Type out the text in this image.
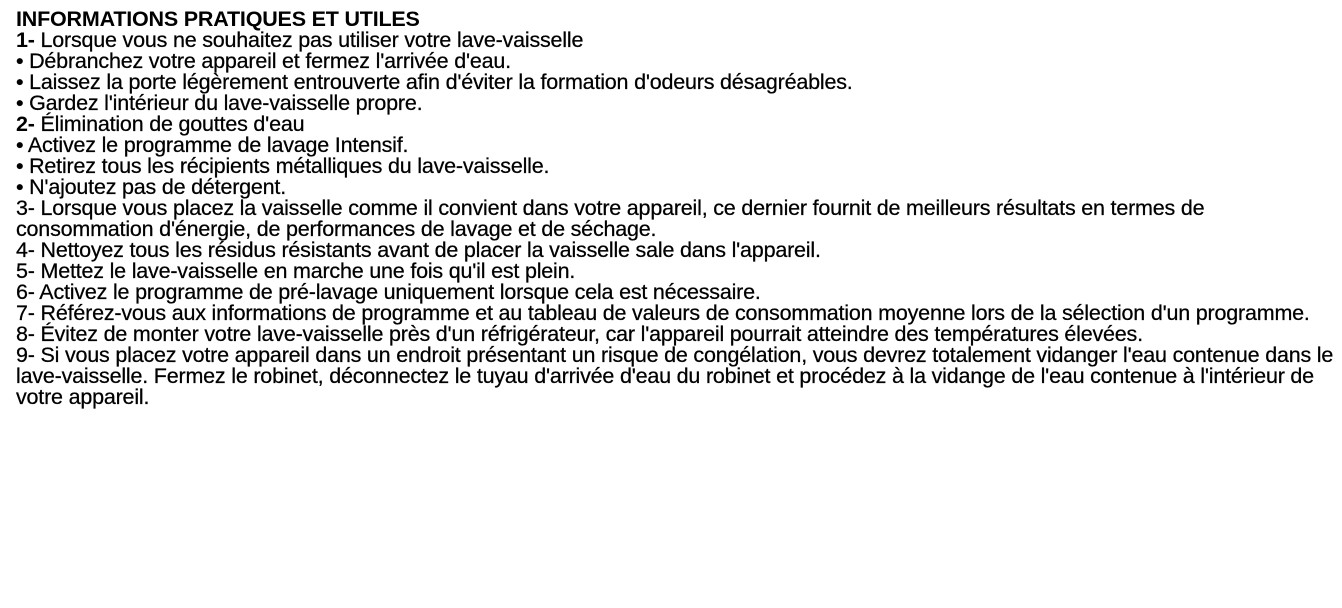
INFORMATIONS PRATIQUES ET UTILES

1- Lorsque vous ne souhaitez pas utiliser votre lave-vaisselle

• Débranchez votre appareil et fermez l'arrivée d'eau.

• Laissez la porte légèrement entrouverte afin d'éviter la formation d'odeurs désagréables.

• Gardez l'intérieur du lave-vaisselle propre.

2- Élimination de gouttes d'eau

• Activez le programme de lavage Intensif.

• Retirez tous les récipients métalliques du lave-vaisselle.

• N'ajoutez pas de détergent.

3- Lorsque vous placez la vaisselle comme il convient dans votre appareil, ce dernier fournit de meilleurs résultats en termes de consommation d'énergie, de performances de lavage et de séchage.

4- Nettoyez tous les résidus résistants avant de placer la vaisselle sale dans l'appareil.

5- Mettez le lave-vaisselle en marche une fois qu'il est plein.

6- Activez le programme de pré-lavage uniquement lorsque cela est nécessaire.

7- Référez-vous aux informations de programme et au tableau de valeurs de consommation moyenne lors de la sélection d'un programme.

8- Évitez de monter votre lave-vaisselle près d'un réfrigérateur, car l'appareil pourrait atteindre des températures élevées.

9- Si vous placez votre appareil dans un endroit présentant un risque de congélation, vous devrez totalement vidanger l'eau contenue dans le lave-vaisselle. Fermez le robinet, déconnectez le tuyau d'arrivée d'eau du robinet et procédez à la vidange de l'eau contenue à l'intérieur de votre appareil.
